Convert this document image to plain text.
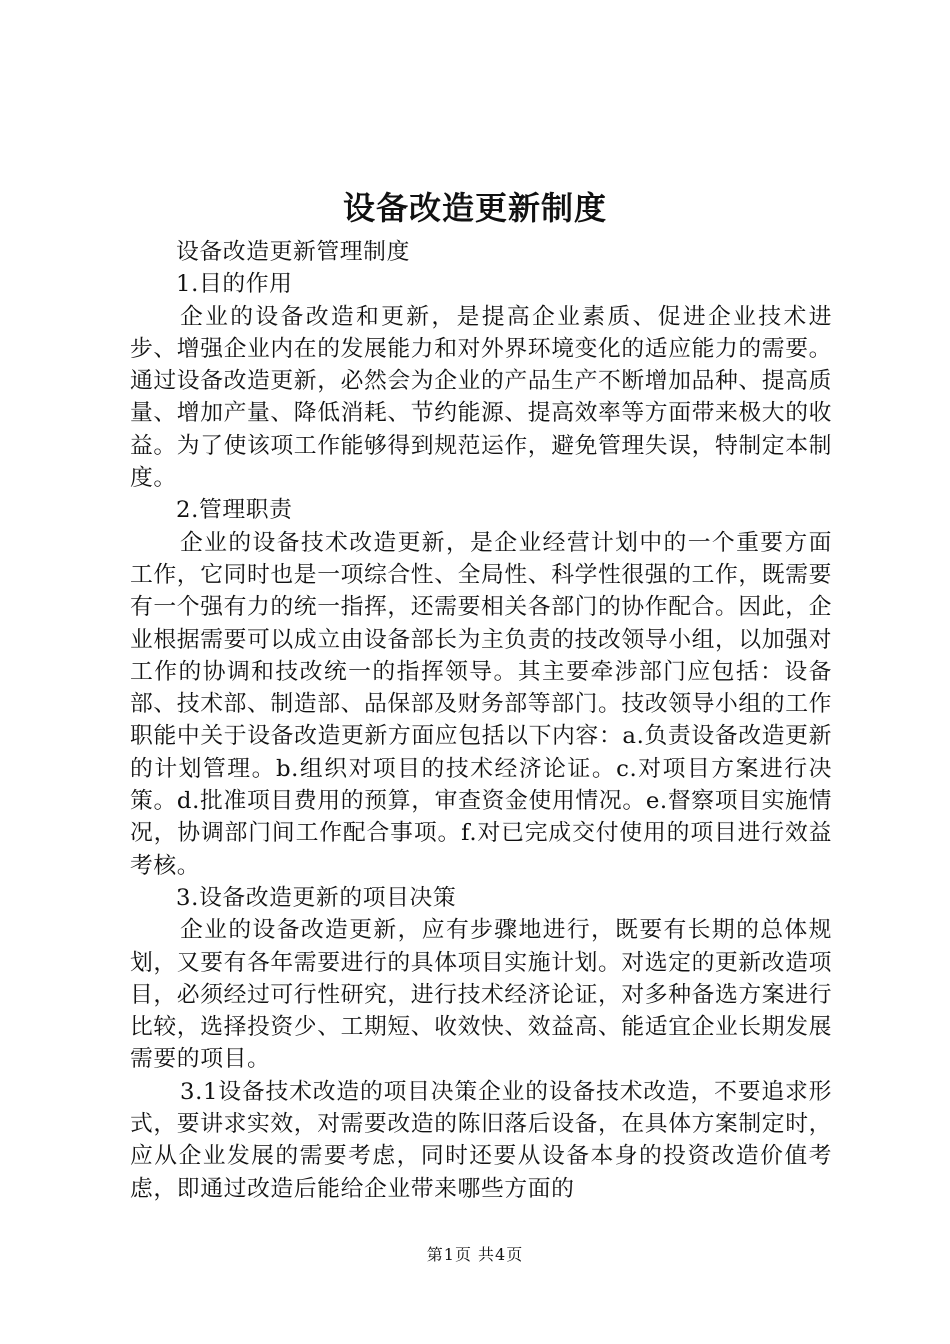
设备改造更新制度

设备改造更新管理制度

1.目的作用

企业的设备改造和更新，是提高企业素质、促进企业技术进步、增强企业内在的发展能力和对外界环境变化的适应能力的需要。通过设备改造更新，必然会为企业的产品生产不断增加品种、提高质量、增加产量、降低消耗、节约能源、提高效率等方面带来极大的收益。为了使该项工作能够得到规范运作，避免管理失误，特制定本制度。

2.管理职责

企业的设备技术改造更新，是企业经营计划中的一个重要方面工作，它同时也是一项综合性、全局性、科学性很强的工作，既需要有一个强有力的统一指挥，还需要相关各部门的协作配合。因此，企业根据需要可以成立由设备部长为主负责的技改领导小组，以加强对工作的协调和技改统一的指挥领导。其主要牵涉部门应包括：设备部、技术部、制造部、品保部及财务部等部门。技改领导小组的工作职能中关于设备改造更新方面应包括以下内容：a.负责设备改造更新的计划管理。b.组织对项目的技术经济论证。c.对项目方案进行决策。d.批准项目费用的预算，审查资金使用情况。e.督察项目实施情况，协调部门间工作配合事项。f.对已完成交付使用的项目进行效益考核。

3.设备改造更新的项目决策

企业的设备改造更新，应有步骤地进行，既要有长期的总体规划，又要有各年需要进行的具体项目实施计划。对选定的更新改造项目，必须经过可行性研究，进行技术经济论证，对多种备选方案进行比较，选择投资少、工期短、收效快、效益高、能适宜企业长期发展需要的项目。

3.1设备技术改造的项目决策企业的设备技术改造，不要追求形式，要讲求实效，对需要改造的陈旧落后设备，在具体方案制定时，应从企业发展的需要考虑，同时还要从设备本身的投资改造价值考虑，即通过改造后能给企业带来哪些方面的

第1页 共4页
